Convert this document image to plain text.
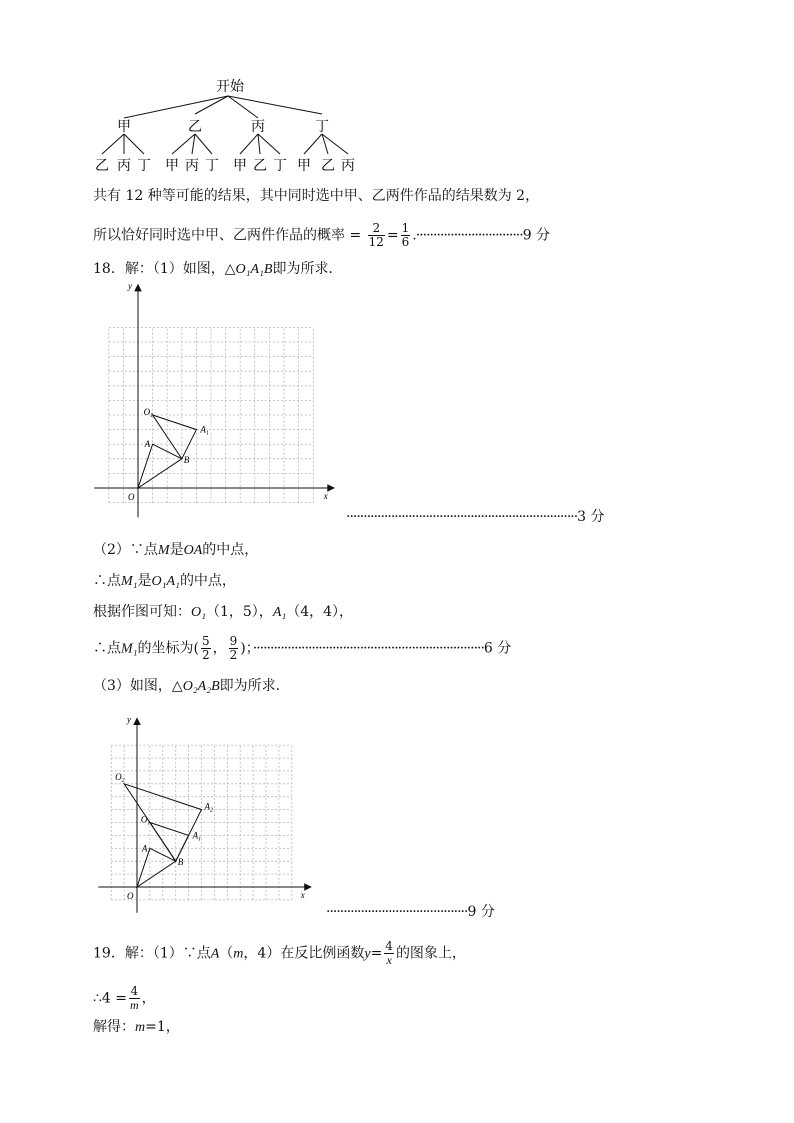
开始
甲
乙 丙 丁
乙
甲 丙 丁
丙
甲 乙 丁
丁
甲 乙 丙
共有 12 种等可能的结果，其中同时选中甲、乙两件作品的结果数为 2，
所以恰好同时选中甲、乙两件作品的概率 = $\frac{2}{12} = \frac{1}{6} .\cdot\cdot\cdot\cdot\cdot\cdot\cdot\cdot\cdot\cdot\cdot\cdot\cdot\cdot\cdot\cdot\cdot\cdot\cdot\cdot\cdot\cdot\cdot\cdot\cdot\cdot\cdot\cdot\cdot\cdot\cdot 9$ 分
18．解：（1）如图，△O₁A₁B即为所求．
x
y
O
A
B
$O_1$
$A_1$
···································································3 分
（2）∵点M是OA的中点，
∴点M₁是O₁A₁的中点，
根据作图可知：O₁（1，5），A₁（4，4），
∴点M₁的坐标为( $\frac{5}{2}$ ， $\frac{9}{2}$ )；···································································6 分
（3）如图，△O₂A₂B即为所求．
x
y
O
A
B
$O_1$
$A_1$
$O_2$
$A_2$
·········································9 分
19．解：（1）∵点A（m，4）在反比例函数$y= \frac{4}{x}$ 的图象上，
∴4 = $\frac{4}{m}$ ，
解得：m=1，
